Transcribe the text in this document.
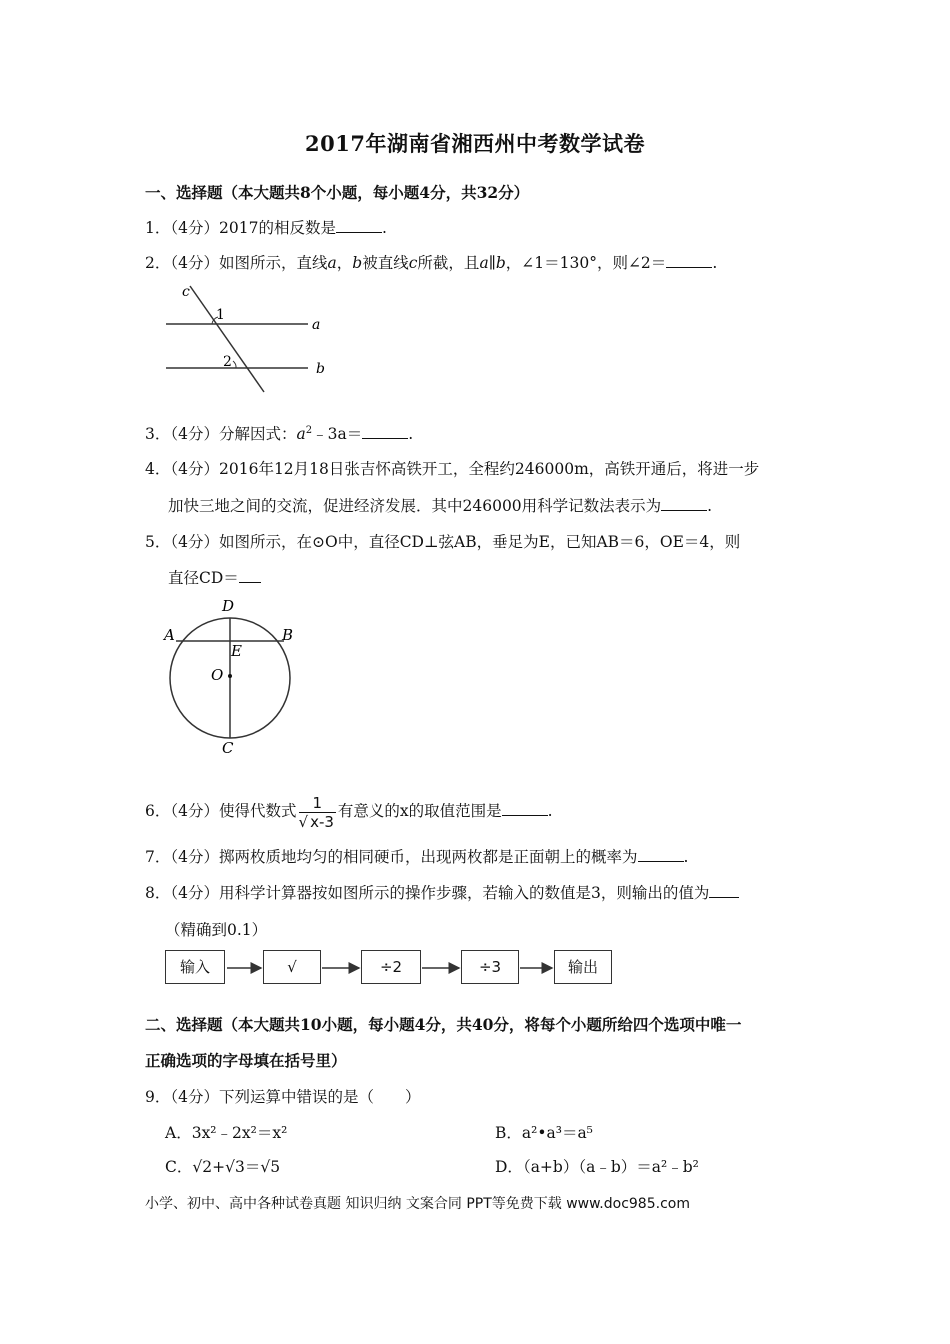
2017年湖南省湘西州中考数学试卷
一、选择题（本大题共8个小题，每小题4分，共32分）
1．（4分）2017的相反数是	.
2．（4分）如图所示，直线a，b被直线c所截，且a∥b，∠1＝130°，则∠2＝	.
c
1
a
2	b
3．（4分）分解因式：$a^2﹣3a=$	.
4．（4分）2016年12月18日张吉怀高铁开工，全程约246000m，高铁开通后，将进一步
加快三地之间的交流，促进经济发展．其中246000用科学记数法表示为	.
5．（4分）如图所示，在⊙O中，直径CD⊥弦AB，垂足为E，已知AB＝6，OE＝4，则
直径CD＝
D
A	B
E
O
C
6．（4分）使得代数式 $\frac{1}{√ x-3}$ 有意义的x的取值范围是	.
7．（4分）掷两枚质地均匀的相同硬币，出现两枚都是正面朝上的概率为	.
8．（4分）用科学计算器按如图所示的操作步骤，若输入的数值是3，则输出的值为
（精确到0.1）
输入	√	÷2	÷3	输出
二、选择题（本大题共10小题，每小题4分，共40分，将每个小题所给四个选项中唯一
正确选项的字母填在括号里）
9．（4分）下列运算中错误的是（　　）
A．3x²﹣2x²＝x²	B．a²•a³＝a⁵
C．√2+√3＝√5	D．（a+b）（a﹣b）＝a²﹣b²
小学、初中、高中各种试卷真题 知识归纳 文案合同 PPT等免费下载 www.doc985.com
